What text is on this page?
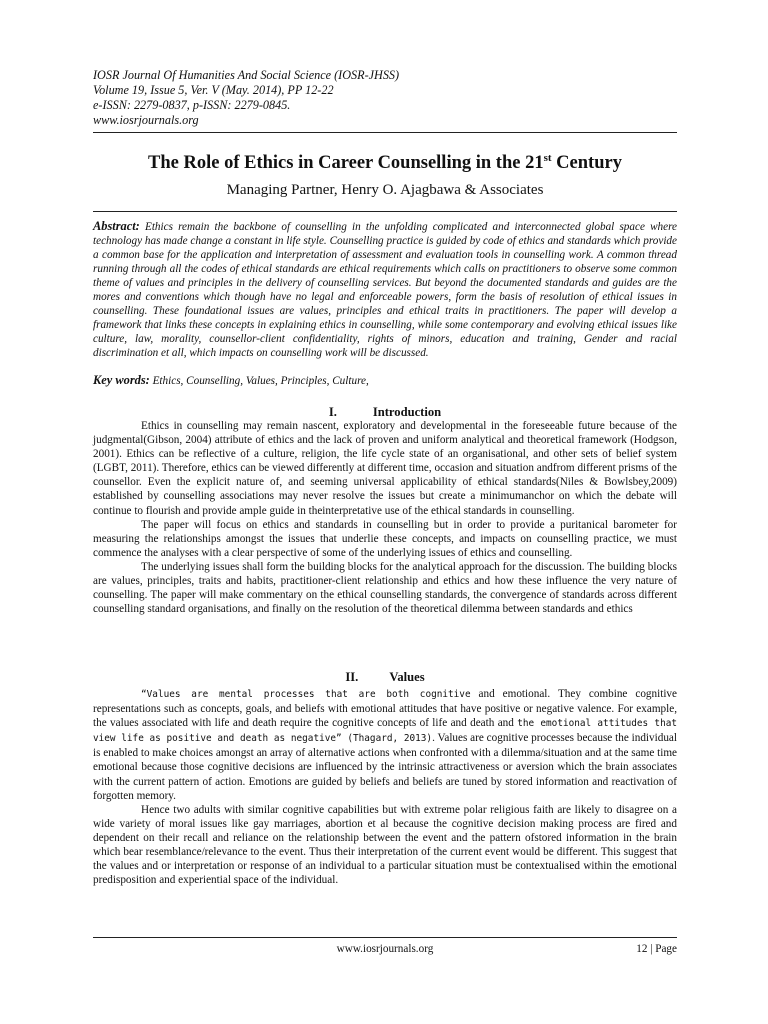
IOSR Journal Of Humanities And Social Science (IOSR-JHSS)
Volume 19, Issue 5, Ver. V (May. 2014), PP 12-22
e-ISSN: 2279-0837, p-ISSN: 2279-0845.
www.iosrjournals.org
The Role of Ethics in Career Counselling in the 21st Century
Managing Partner, Henry O. Ajagbawa & Associates
Abstract: Ethics remain the backbone of counselling in the unfolding complicated and interconnected global space where technology has made change a constant in life style. Counselling practice is guided by code of ethics and standards which provide a common base for the application and interpretation of assessment and evaluation tools in counselling work. A common thread running through all the codes of ethical standards are ethical requirements which calls on practitioners to observe some common theme of values and principles in the delivery of counselling services. But beyond the documented standards and guides are the mores and conventions which though have no legal and enforceable powers, form the basis of resolution of ethical issues in counselling. These foundational issues are values, principles and ethical traits in practitioners. The paper will develop a framework that links these concepts in explaining ethics in counselling, while some contemporary and evolving ethical issues like culture, law, morality, counsellor-client confidentiality, rights of minors, education and training, Gender and racial discrimination et all, which impacts on counselling work will be discussed.
Key words: Ethics, Counselling, Values, Principles, Culture,
I.	Introduction

Ethics in counselling may remain nascent, exploratory and developmental in the foreseeable future because of the judgmental(Gibson, 2004) attribute of ethics and the lack of proven and uniform analytical and theoretical framework (Hodgson, 2001). Ethics can be reflective of a culture, religion, the life cycle state of an organisational, and other sets of belief system (LGBT, 2011). Therefore, ethics can be viewed differently at different time, occasion and situation andfrom different prisms of the counsellor. Even the explicit nature of, and seeming universal applicability of ethical standards(Niles & Bowlsbey,2009) established by counselling associations may never resolve the issues but create a minimumanchor on which the debate will continue to flourish and provide ample guide in theinterpretative use of the ethical standards in counselling.

The paper will focus on ethics and standards in counselling but in order to provide a puritanical barometer for measuring the relationships amongst the issues that underlie these concepts, and impacts on counselling practice, we must commence the analyses with a clear perspective of some of the underlying issues of ethics and counselling.

The underlying issues shall form the building blocks for the analytical approach for the discussion. The building blocks are values, principles, traits and habits, practitioner-client relationship and ethics and how these influence the very nature of counselling. The paper will make commentary on the ethical counselling standards, the convergence of standards across different counselling standard organisations, and finally on the resolution of the theoretical dilemma between standards and ethics

II. Values

“Values are mental processes that are both cognitive and emotional. They combine cognitive representations such as concepts, goals, and beliefs with emotional attitudes that have positive or negative valence. For example, the values associated with life and death require the cognitive concepts of life and death and the emotional attitudes that view life as positive and death as negative” (Thagard, 2013). Values are cognitive processes because the individual is enabled to make choices amongst an array of alternative actions when confronted with a dilemma/situation and at the same time emotional because those cognitive decisions are influenced by the intrinsic attractiveness or aversion which the brain associates with the current pattern of action. Emotions are guided by beliefs and beliefs are tuned by stored information and reactivation of forgotten memory.

Hence two adults with similar cognitive capabilities but with extreme polar religious faith are likely to disagree on a wide variety of moral issues like gay marriages, abortion et al because the cognitive decision making process are fired and dependent on their recall and reliance on the relationship between the event and the pattern ofstored information in the brain which bear resemblance/relevance to the event. Thus their interpretation of the current event would be different. This suggest that the values and or interpretation or response of an individual to a particular situation must be contextualised within the emotional predisposition and experiential space of the individual.

www.iosrjournals.org	12 | Page
